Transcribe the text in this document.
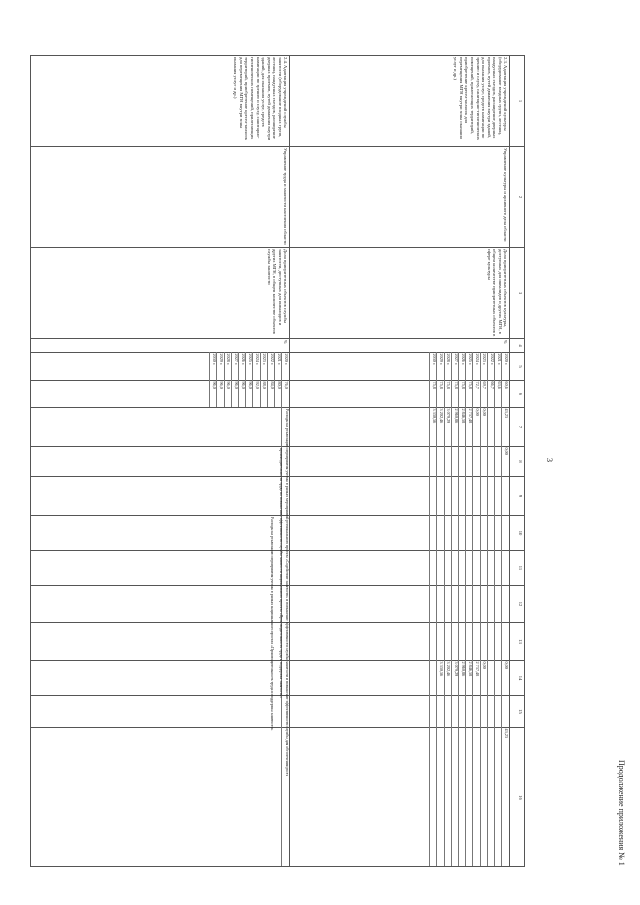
Продолжение приложения № 1
3
1
2
3
4
5
6
7
8
9
10
11
12
13
14
15
16
2.3. Адаптация учреждений культуры (оборудование входных групп, лестниц, пандусных съездов, расширение дверных проемов, путей движения внутри зданий, для оказания услуг, средств навигации по зрению и слуху, санитарно-гигиенических помещений, прилегающих территорий, приобретение кресел-колясок для перемещения МГН внутри зоны оказания услуг и др.)
Управление культуры и архивного дела области
Доля приоритетных объектов культуры, доступных для инвалидов и других МГН, в общем количестве приоритетных объектов в сфере культуры
%
2020 г.
60,6
2021 г.
63,6
2022 г.
66,7
2023 г.
69,7
2024 г.
72,7
2025 г.
75,8
2026 г.
75,8
2027 г.
75,8
2028 г.
75,8
2029 г.
75,8
2030 г.
75,8
43,23
0,00
0,00
2 737,48
2 846,58
2 960,86
3 079,29
3 202,46
3 330,56
0,00
0,00
0,00
2 737,48
2 846,58
2 960,86
3 079,29
3 202,46
3 330,56
43,23
2.4. Адаптация учреждений службы занятости (оборудование входных групп, лестниц, пандусных съездов, расширение дверных проемов, путей движения внутри зданий, для оказания услуг, средств навигации по зрению и слуху, санитарно-гигиенических помещений, прилегающих территорий, приобретение кресел-колясок для перемещения МГН внутри зоны оказания услуг и др.)
Управление труда и занятости населения области
Доля приоритетных объектов службы занятости, доступных для инвалидов и других МГН, в общем количестве объектов службы занятости
%
2020 г.
76,0
2021 г.
80,0
2022 г.
84,0
2023 г.
88,0
2024 г.
92,0
2025 г.
96,0
2026 г.
96,0
2027 г.
96,0
2028 г.
96,0
2029 г.
96,0
2030 г.
96,0
Расходы на реализацию мероприятия учтены в рамках мероприятий регионального проекта «Содействие занятости» и повышение эффективности службы занятости и повышение эффективности службы для обеспечения роста
производительности труда по повышению эффективности службы занятости национального проекта «Производительность труда и поддержка занятости»
Расходы на реализацию мероприятия учтены в рамках национального проекта «Производительность труда и поддержка занятости»
